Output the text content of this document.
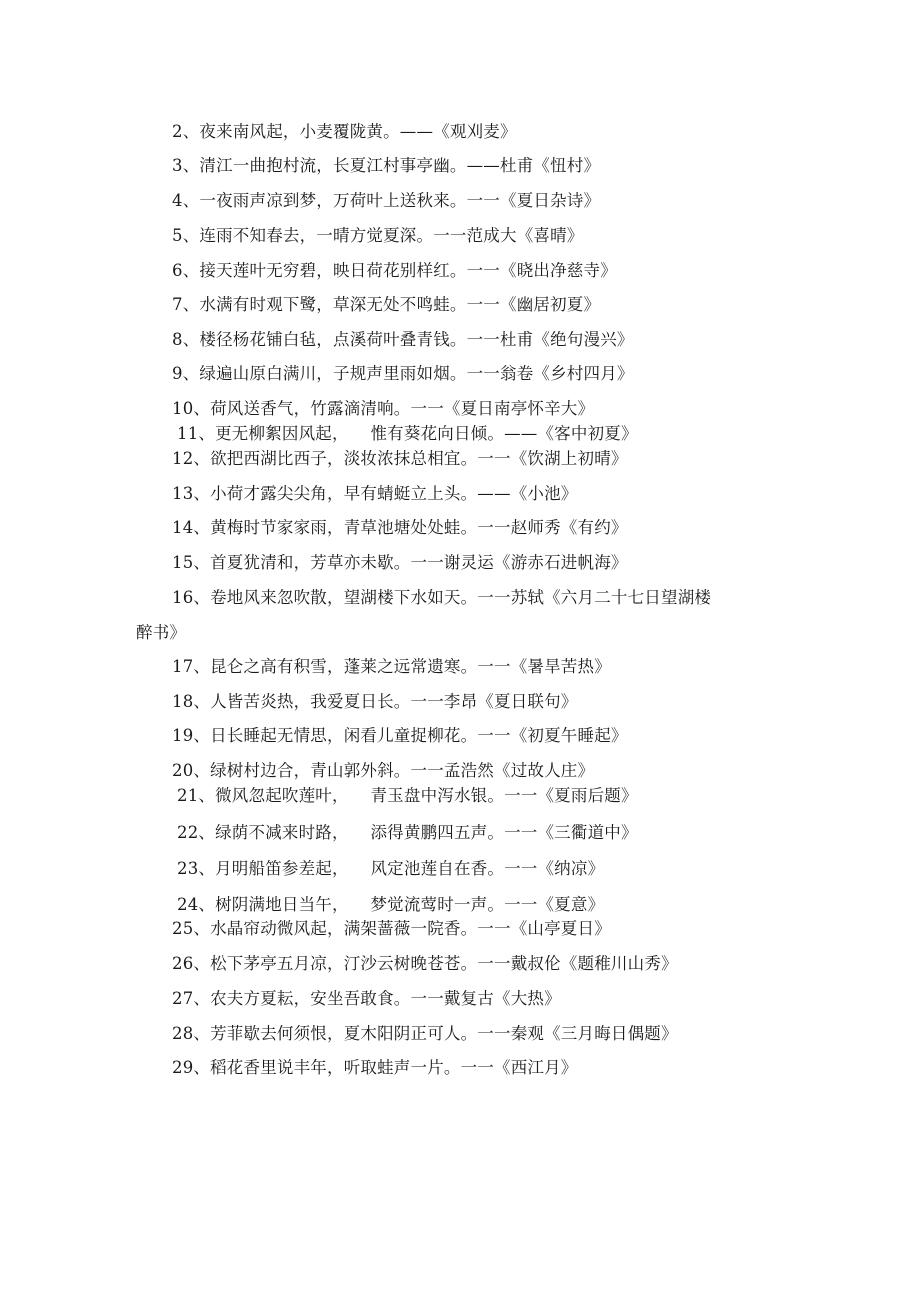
2、夜来南风起，小麦覆陇黄。——《观刈麦》
3、清江一曲抱村流，长夏江村事亭幽。——杜甫《忸村》
4、一夜雨声凉到梦，万荷叶上送秋来。一一《夏日杂诗》
5、连雨不知春去，一晴方觉夏深。一一范成大《喜晴》
6、接天莲叶无穷碧，映日荷花别样红。一一《晓出净慈寺》
7、水满有时观下鹭，草深无处不鸣蛙。一一《幽居初夏》
8、楼径杨花铺白毡，点溪荷叶叠青钱。一一杜甫《绝句漫兴》
9、绿遍山原白满川，子规声里雨如烟。一一翁卷《乡村四月》
10、荷风送香气，竹露滴清响。一一《夏日南亭怀辛大》
11、更无柳絮因风起，    惟有葵花向日倾。——《客中初夏》
12、欲把西湖比西子，淡妆浓抹总相宜。一一《饮湖上初晴》
13、小荷才露尖尖角，早有蜻蜓立上头。——《小池》
14、黄梅时节家家雨，青草池塘处处蛙。一一赵师秀《有约》
15、首夏犹清和，芳草亦未歇。一一谢灵运《游赤石进帆海》
16、卷地风来忽吹散，望湖楼下水如天。一一苏轼《六月二十七日望湖楼
醉书》
17、昆仑之高有积雪，蓬莱之远常遗寒。一一《暑旱苦热》
18、人皆苦炎热，我爱夏日长。一一李昂《夏日联句》
19、日长睡起无情思，闲看儿童捉柳花。一一《初夏午睡起》
20、绿树村边合，青山郭外斜。一一孟浩然《过故人庄》
21、微风忽起吹莲叶，    青玉盘中泻水银。一一《夏雨后题》
22、绿荫不减来时路，    添得黄鹏四五声。一一《三衢道中》
23、月明船笛参差起，    风定池莲自在香。一一《纳凉》
24、树阴满地日当午，    梦觉流莺时一声。一一《夏意》
25、水晶帘动微风起，满架蔷薇一院香。一一《山亭夏日》
26、松下茅亭五月凉，汀沙云树晚苍苍。一一戴叔伦《题稚川山秀》
27、农夫方夏耘，安坐吾敢食。一一戴复古《大热》
28、芳菲歇去何须恨，夏木阳阴正可人。一一秦观《三月晦日偶题》
29、稻花香里说丰年，听取蛙声一片。一一《西江月》
